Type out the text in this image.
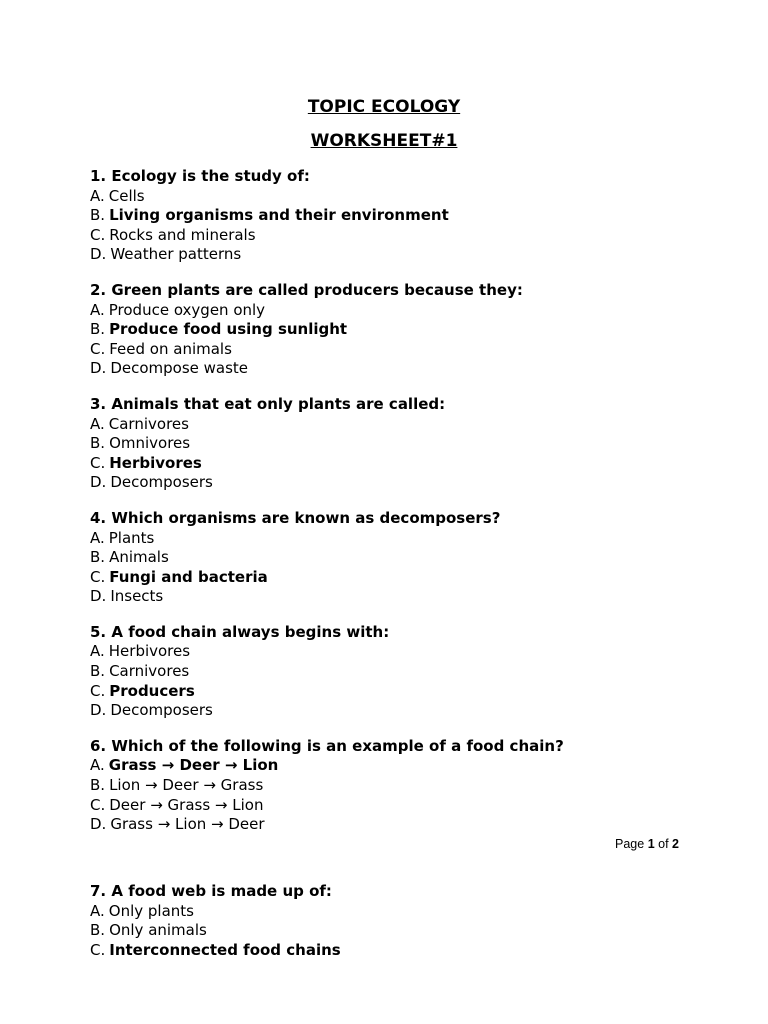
TOPIC ECOLOGY
WORKSHEET#1
1. Ecology is the study of:
A. Cells
B. Living organisms and their environment
C. Rocks and minerals
D. Weather patterns
2. Green plants are called producers because they:
A. Produce oxygen only
B. Produce food using sunlight
C. Feed on animals
D. Decompose waste
3. Animals that eat only plants are called:
A. Carnivores
B. Omnivores
C. Herbivores
D. Decomposers
4. Which organisms are known as decomposers?
A. Plants
B. Animals
C. Fungi and bacteria
D. Insects
5. A food chain always begins with:
A. Herbivores
B. Carnivores
C. Producers
D. Decomposers
6. Which of the following is an example of a food chain?
A. Grass → Deer → Lion
B. Lion → Deer → Grass
C. Deer → Grass → Lion
D. Grass → Lion → Deer
Page 1 of 2
7. A food web is made up of:
A. Only plants
B. Only animals
C. Interconnected food chains
